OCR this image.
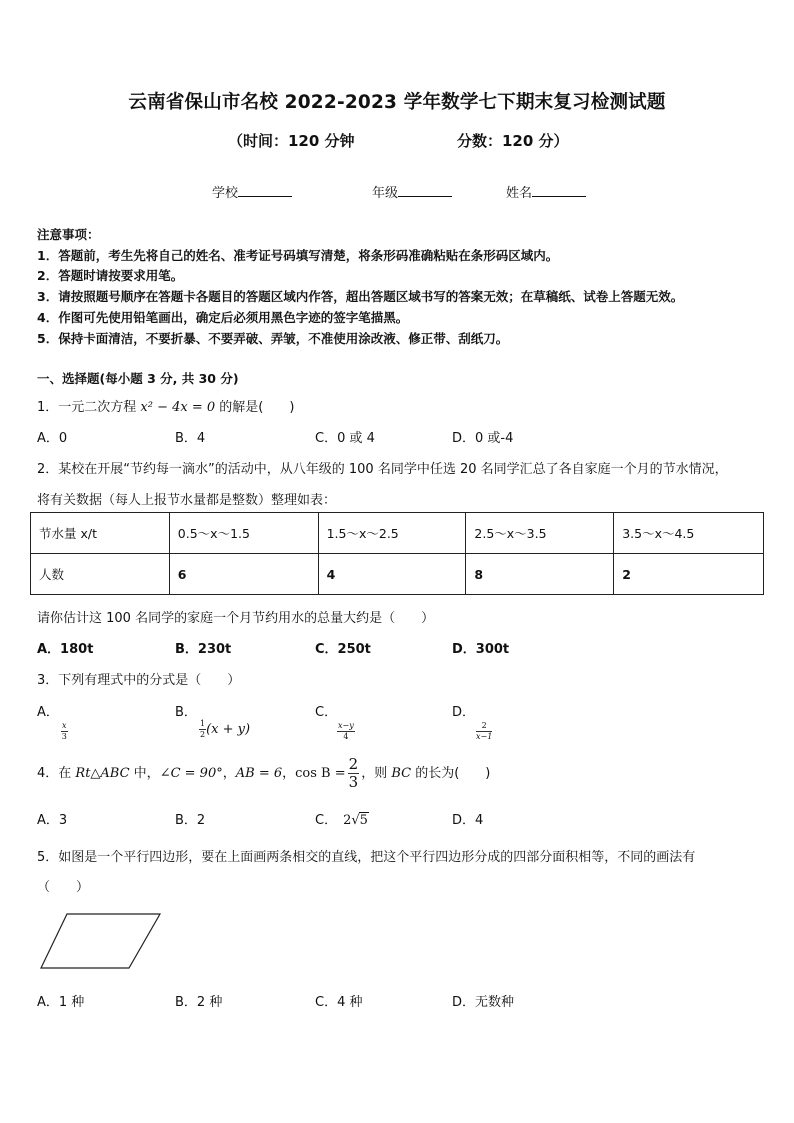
云南省保山市名校 2022-2023 学年数学七下期末复习检测试题
（时间：120 分钟	分数：120 分）
学校	年级	姓名
注意事项：
1．答题前，考生先将自己的姓名、准考证号码填写清楚，将条形码准确粘贴在条形码区域内。
2．答题时请按要求用笔。
3．请按照题号顺序在答题卡各题目的答题区域内作答，超出答题区域书写的答案无效；在草稿纸、试卷上答题无效。
4．作图可先使用铅笔画出，确定后必须用黑色字迹的签字笔描黑。
5．保持卡面清洁，不要折暴、不要弄破、弄皱，不准使用涂改液、修正带、刮纸刀。
一、选择题(每小题 3 分, 共 30 分)
1．一元二次方程 x² − 4x = 0 的解是(　　)
A．0	B．4	C．0 或 4	D．0 或-4
2．某校在开展“节约每一滴水”的活动中，从八年级的 100 名同学中任选 20 名同学汇总了各自家庭一个月的节水情况，
将有关数据（每人上报节水量都是整数）整理如表：
节水量 x/t	0.5～x～1.5	1.5～x～2.5	2.5～x～3.5	3.5～x～4.5
人数	6	4	8	2
请你估计这 100 名同学的家庭一个月节约用水的总量大约是（　　）
A．180t	B．230t	C．250t	D．300t
3．下列有理式中的分式是（　　）
A．

$\frac{x}{3}$
B．

$\frac{1}{2} (x + y)$
C．

$\frac{x-y}{4}$
D．

$\frac{2}{x-1}$
4．在 Rt△ABC 中，∠C = 90°，AB = 6，$\cos B = \frac{2}{3}$ ，则 BC 的长为(　　)
A．3	B．2	C． 2√5	D．4
5．如图是一个平行四边形，要在上面画两条相交的直线，把这个平行四边形分成的四部分面积相等，不同的画法有
（　　）
A．1 种	B．2 种	C．4 种	D．无数种
